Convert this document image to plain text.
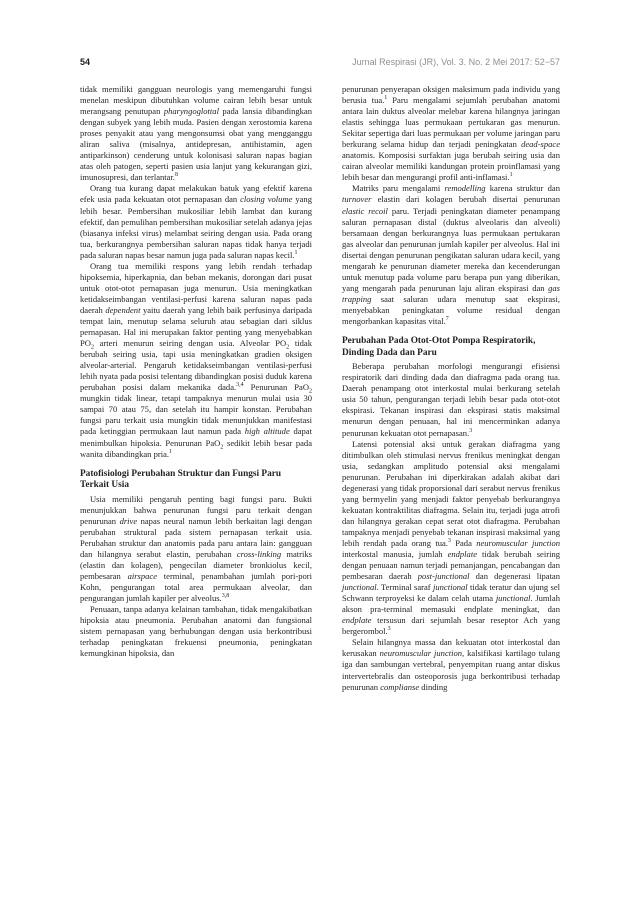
54	Jurnal Respirasi (JR), Vol. 3. No. 2 Mei 2017: 52−57

tidak memiliki gangguan neurologis yang memengaruhi fungsi menelan meskipun dibutuhkan volume cairan lebih besar untuk merangsang penutupan pharyngoglottal pada lansia dibandingkan dengan subyek yang lebih muda. Pasien dengan xerostomia karena proses penyakit atau yang mengonsumsi obat yang mengganggu aliran saliva (misalnya, antidepresan, antihistamin, agen antiparkinson) cenderung untuk kolonisasi saluran napas bagian atas oleh patogen, seperti pasien usia lanjut yang kekurangan gizi, imunosupresi, dan terlantar.$^8$

Orang tua kurang dapat melakukan batuk yang efektif karena efek usia pada kekuatan otot pernapasan dan closing volume yang lebih besar. Pembersihan mukosiliar lebih lambat dan kurang efektif, dan pemulihan pembersihan mukosiliar setelah adanya jejas (biasanya infeksi virus) melambat seiring dengan usia. Pada orang tua, berkurangnya pembersihan saluran napas tidak hanya terjadi pada saluran napas besar namun juga pada saluran napas kecil.$^1$

Orang tua memiliki respons yang lebih rendah terhadap hipoksemia, hiperkapnia, dan beban mekanis, dorongan dari pusat untuk otot-otot pernapasan juga menurun. Usia meningkatkan ketidakseimbangan ventilasi-perfusi karena saluran napas pada daerah dependent yaitu daerah yang lebih baik perfusinya daripada tempat lain, menutup selama seluruh atau sebagian dari siklus pernapasan. Hal ini merupakan faktor penting yang menyebabkan $PO_2$ arteri menurun seiring dengan usia. Alveolar $PO_2$ tidak berubah seiring usia, tapi usia meningkatkan gradien oksigen alveolar-arterial. Pengaruh ketidakseimbangan ventilasi-perfusi lebih nyata pada posisi telentang dibandingkan posisi duduk karena perubahan posisi dalam mekanika dada.$^{3,4}$ Penurunan PaO$_2$ mungkin tidak linear, tetapi tampaknya menurun mulai usia 30 sampai 70 atau 75, dan setelah itu hampir konstan. Perubahan fungsi paru terkait usia mungkin tidak menunjukkan manifestasi pada ketinggian permukaan laut namun pada high altitude dapat menimbulkan hipoksia. Penurunan PaO$_2$ sedikit lebih besar pada wanita dibandingkan pria.$^1$

Patofisiologi Perubahan Struktur dan Fungsi Paru Terkait Usia

Usia memiliki pengaruh penting bagi fungsi paru. Bukti menunjukkan bahwa penurunan fungsi paru terkait dengan penurunan drive napas neural namun lebih berkaitan lagi dengan perubahan struktural pada sistem pernapasan terkait usia. Perubahan struktur dan anatomis pada paru antara lain: gangguan dan hilangnya serabut elastin, perubahan cross-linking matriks (elastin dan kolagen), pengecilan diameter bronkiolus kecil, pembesaran airspace terminal, penambahan jumlah pori-pori Kohn, pengurangan total area permukaan alveolar, dan pengurangan jumlah kapiler per alveolus.$^{3,8}$

Penuaan, tanpa adanya kelainan tambahan, tidak mengakibatkan hipoksia atau pneumonia. Perubahan anatomi dan fungsional sistem pernapasan yang berhubungan dengan usia berkontribusi terhadap peningkatan frekuensi pneumonia, peningkatan kemungkinan hipoksia, dan

penurunan penyerapan oksigen maksimum pada individu yang berusia tua.$^1$ Paru mengalami sejumlah perubahan anatomi antara lain duktus alveolar melebar karena hilangnya jaringan elastis sehingga luas permukaan pertukaran gas menurun. Sekitar sepertiga dari luas permukaan per volume jaringan paru berkurang selama hidup dan terjadi peningkatan dead-space anatomis. Komposisi surfaktan juga berubah seiring usia dan cairan alveolar memiliki kandungan protein proinflamasi yang lebih besar dan mengurangi profil anti-inflamasi.$^1$

Matriks paru mengalami remodelling karena struktur dan turnover elastin dari kolagen berubah disertai penurunan elastic recoil paru. Terjadi peningkatan diameter penampang saluran pernapasan distal (duktus alveolaris dan alveoli) bersamaan dengan berkurangnya luas permukaan pertukaran gas alveolar dan penurunan jumlah kapiler per alveolus. Hal ini disertai dengan penurunan pengikatan saluran udara kecil, yang mengarah ke penurunan diameter mereka dan kecenderungan untuk menutup pada volume paru berapa pun yang diberikan, yang mengarah pada penurunan laju aliran ekspirasi dan gas trapping saat saluran udara menutup saat ekspirasi, menyebabkan peningkatan volume residual dengan mengorbankan kapasitas vital.$^7$

Perubahan Pada Otot-Otot Pompa Respiratorik, Dinding Dada dan Paru

Beberapa perubahan morfologi mengurangi efisiensi respiratorik dari dinding dada dan diafragma pada orang tua. Daerah penampang otot interkostal mulai berkurang setelah usia 50 tahun, pengurangan terjadi lebih besar pada otot-otot ekspirasi. Tekanan inspirasi dan ekspirasi statis maksimal menurun dengan penuaan, hal ini mencerminkan adanya penurunan kekuatan otot pernapasan.$^3$

Latensi potensial aksi untuk gerakan diafragma yang ditimbulkan oleh stimulasi nervus frenikus meningkat dengan usia, sedangkan amplitudo potensial aksi mengalami penurunan. Perubahan ini diperkirakan adalah akibat dari degenerasi yang tidak proporsional dari serabut nervus frenikus yang bermyelin yang menjadi faktor penyebab berkurangnya kekuatan kontraktilitas diafragma. Selain itu, terjadi juga atrofi dan hilangnya gerakan cepat serat otot diafragma. Perubahan tampaknya menjadi penyebab tekanan inspirasi maksimal yang lebih rendah pada orang tua.$^3$ Pada neuromuscular junction interkostal manusia, jumlah endplate tidak berubah seiring dengan penuaan namun terjadi pemanjangan, pencabangan dan pembesaran daerah post-junctional dan degenerasi lipatan junctional. Terminal saraf junctional tidak teratur dan ujung sel Schwann terproyeksi ke dalam celah utama junctional. Jumlah akson pra-terminal memasuki endplate meningkat, dan endplate tersusun dari sejumlah besar reseptor Ach yang bergerombol.$^3$

Selain hilangnya massa dan kekuatan otot interkostal dan kerusakan neuromuscular junction, kalsifikasi kartilago tulang iga dan sambungan vertebral, penyempitan ruang antar diskus intervertebralis dan osteoporosis juga berkontribusi terhadap penurunan complianse dinding
